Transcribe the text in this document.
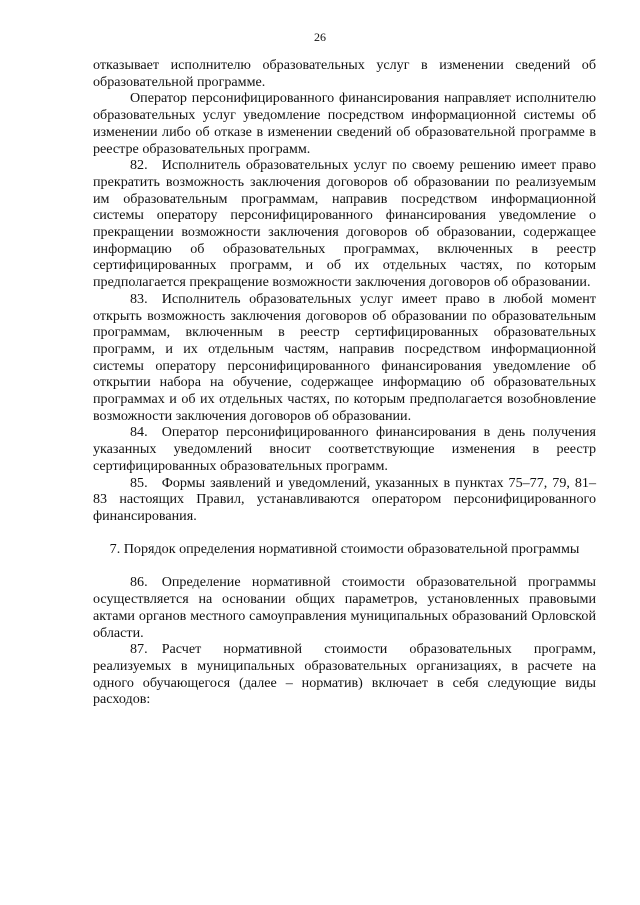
26

отказывает исполнителю образовательных услуг в изменении сведений об образовательной программе.

Оператор персонифицированного финансирования направляет исполнителю образовательных услуг уведомление посредством информационной системы об изменении либо об отказе в изменении сведений об образовательной программе в реестре образовательных программ.

82. Исполнитель образовательных услуг по своему решению имеет право прекратить возможность заключения договоров об образовании по реализуемым им образовательным программам, направив посредством информационной системы оператору персонифицированного финансирования уведомление о прекращении возможности заключения договоров об образовании, содержащее информацию об образовательных программах, включенных в реестр сертифицированных программ, и об их отдельных частях, по которым предполагается прекращение возможности заключения договоров об образовании.

83. Исполнитель образовательных услуг имеет право в любой момент открыть возможность заключения договоров об образовании по образовательным программам, включенным в реестр сертифицированных образовательных программ, и их отдельным частям, направив посредством информационной системы оператору персонифицированного финансирования уведомление об открытии набора на обучение, содержащее информацию об образовательных программах и об их отдельных частях, по которым предполагается возобновление возможности заключения договоров об образовании.

84. Оператор персонифицированного финансирования в день получения указанных уведомлений вносит соответствующие изменения в реестр сертифицированных образовательных программ.

85. Формы заявлений и уведомлений, указанных в пунктах 75–77, 79, 81–83 настоящих Правил, устанавливаются оператором персонифицированного финансирования.

7. Порядок определения нормативной стоимости образовательной программы

86. Определение нормативной стоимости образовательной программы осуществляется на основании общих параметров, установленных правовыми актами органов местного самоуправления муниципальных образований Орловской области.

87. Расчет нормативной стоимости образовательных программ, реализуемых в муниципальных образовательных организациях, в расчете на одного обучающегося (далее – норматив) включает в себя следующие виды расходов:
